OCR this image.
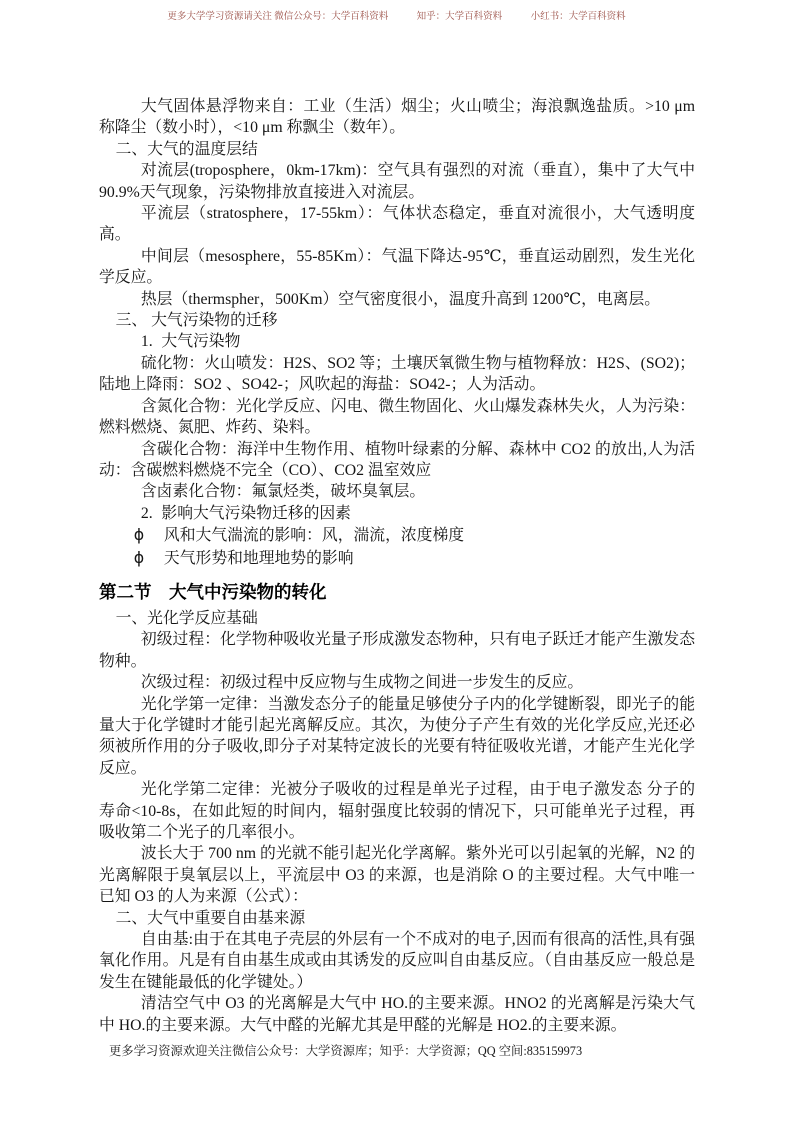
更多大学学习资源请关注 微信公众号：大学百科资料	知乎：大学百科资料	小红书：大学百科资料
大气固体悬浮物来自：工业（生活）烟尘；火山喷尘；海浪飘逸盐质。>10 μm 称降尘（数小时），<10 μm 称飘尘（数年）。
二、大气的温度层结
对流层(troposphere，0km-17km)：空气具有强烈的对流（垂直），集中了大气中 90.9%天气现象，污染物排放直接进入对流层。
平流层（stratosphere，17-55km）：气体状态稳定，垂直对流很小，大气透明度高。
中间层（mesosphere，55-85Km）：气温下降达-95℃，垂直运动剧烈，发生光化学反应。
热层（thermspher，500Km）空气密度很小，温度升高到 1200℃，电离层。
三、 大气污染物的迁移
1. 大气污染物
硫化物：火山喷发：H2S、SO2 等；土壤厌氧微生物与植物释放：H2S、(SO2)；陆地上降雨：SO2 、SO42-；风吹起的海盐：SO42-；人为活动。
含氮化合物：光化学反应、闪电、微生物固化、火山爆发森林失火，人为污染：燃料燃烧、氮肥、炸药、染料。
含碳化合物：海洋中生物作用、植物叶绿素的分解、森林中 CO2 的放出,人为活动：含碳燃料燃烧不完全（CO）、CO2 温室效应
含卤素化合物：氟氯烃类，破坏臭氧层。
2. 影响大气污染物迁移的因素
ϕ 风和大气湍流的影响：风，湍流，浓度梯度
ϕ 天气形势和地理地势的影响
第二节　大气中污染物的转化
一、光化学反应基础
初级过程：化学物种吸收光量子形成激发态物种，只有电子跃迁才能产生激发态物种。
次级过程：初级过程中反应物与生成物之间进一步发生的反应。
光化学第一定律：当激发态分子的能量足够使分子内的化学键断裂，即光子的能量大于化学键时才能引起光离解反应。其次，为使分子产生有效的光化学反应,光还必须被所作用的分子吸收,即分子对某特定波长的光要有特征吸收光谱，才能产生光化学反应。
光化学第二定律：光被分子吸收的过程是单光子过程，由于电子激发态 分子的寿命<10-8s，在如此短的时间内，辐射强度比较弱的情况下，只可能单光子过程，再吸收第二个光子的几率很小。
波长大于 700 nm 的光就不能引起光化学离解。紫外光可以引起氧的光解，N2 的光离解限于臭氧层以上，平流层中 O3 的来源，也是消除 O 的主要过程。大气中唯一已知 O3 的人为来源（公式）：
二、大气中重要自由基来源
自由基:由于在其电子壳层的外层有一个不成对的电子,因而有很高的活性,具有强氧化作用。凡是有自由基生成或由其诱发的反应叫自由基反应。（自由基反应一般总是发生在键能最低的化学键处。）
清洁空气中 O3 的光离解是大气中 HO.的主要来源。HNO2 的光离解是污染大气中 HO.的主要来源。大气中醛的光解尤其是甲醛的光解是 HO2.的主要来源。
更多学习资源欢迎关注微信公众号：大学资源库；知乎：大学资源；QQ 空间:835159973
